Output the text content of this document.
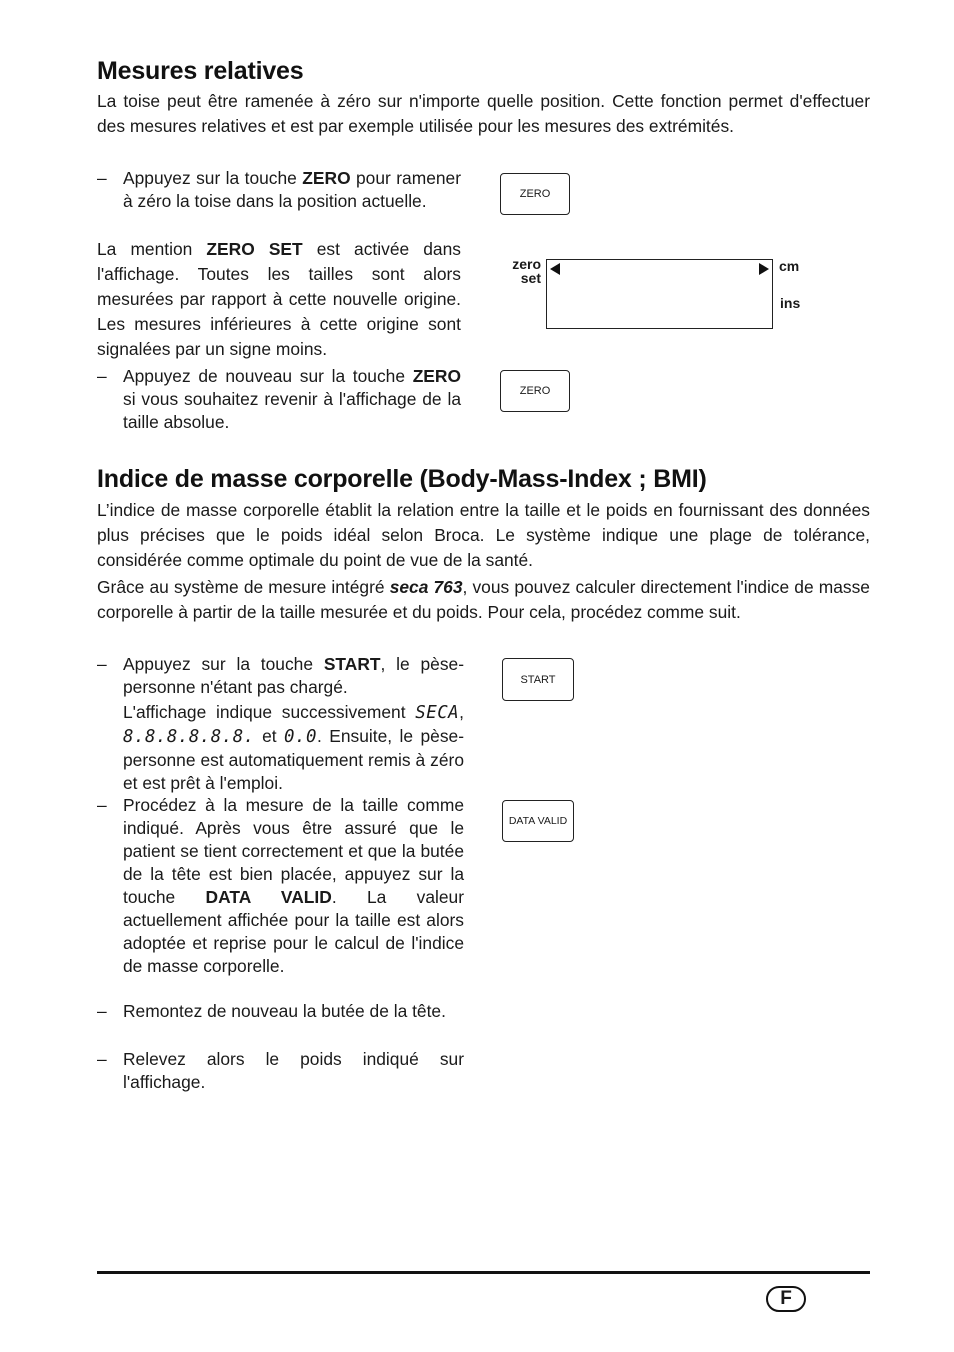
Mesures relatives

La toise peut être ramenée à zéro sur n'importe quelle position. Cette fonction permet d'effectuer des mesures relatives et est par exemple utilisée pour les mesures des extrémités.

– Appuyez sur la touche ZERO pour ramener à zéro la toise dans la position actuelle.

La mention ZERO SET est activée dans l'affichage. Toutes les tailles sont alors mesurées par rapport à cette nouvelle origine. Les mesures inférieures à cette origine sont signalées par un signe moins.

– Appuyez de nouveau sur la touche ZERO si vous souhaitez revenir à l'affichage de la taille absolue.
ZERO
zero
set
cm
ins
ZERO
Indice de masse corporelle (Body-Mass-Index ; BMI)

L’indice de masse corporelle établit la relation entre la taille et le poids en fournissant des données plus précises que le poids idéal selon Broca. Le système indique une plage de tolérance, considérée comme optimale du point de vue de la santé.

Grâce au système de mesure intégré seca 763, vous pouvez calculer directement l'indice de masse corporelle à partir de la taille mesurée et du poids. Pour cela, procédez comme suit.

– Appuyez sur la touche START, le pèse-personne n'étant pas chargé.
L'affichage indique successivement SECA, 8.8.8.8.8.8. et 0.0. Ensuite, le pèse-personne est automatiquement remis à zéro et est prêt à l'emploi.
– Procédez à la mesure de la taille comme indiqué. Après vous être assuré que le patient se tient correctement et que la butée de la tête est bien placée, appuyez sur la touche DATA VALID. La valeur actuellement affichée pour la taille est alors adoptée et reprise pour le calcul de l'indice de masse corporelle.
– Remontez de nouveau la butée de la tête.
– Relevez alors le poids indiqué sur l'affichage.
START
DATA VALID
F
